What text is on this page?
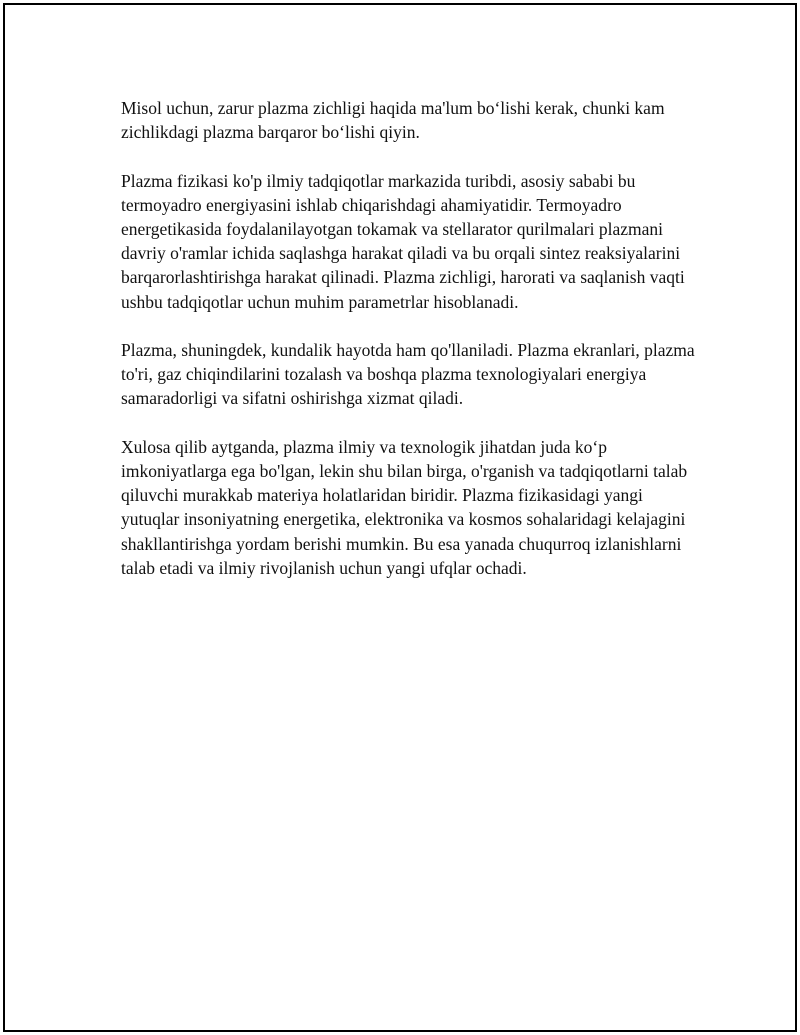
Misol uchun, zarur plazma zichligi haqida ma'lum bo‘lishi kerak, chunki kam zichlikdagi plazma barqaror bo‘lishi qiyin.

Plazma fizikasi ko'p ilmiy tadqiqotlar markazida turibdi, asosiy sababi bu termoyadro energiyasini ishlab chiqarishdagi ahamiyatidir. Termoyadro energetikasida foydalanilayotgan tokamak va stellarator qurilmalari plazmani davriy o'ramlar ichida saqlashga harakat qiladi va bu orqali sintez reaksiyalarini barqarorlashtirishga harakat qilinadi. Plazma zichligi, harorati va saqlanish vaqti ushbu tadqiqotlar uchun muhim parametrlar hisoblanadi.

Plazma, shuningdek, kundalik hayotda ham qo'llaniladi. Plazma ekranlari, plazma to'ri, gaz chiqindilarini tozalash va boshqa plazma texnologiyalari energiya samaradorligi va sifatni oshirishga xizmat qiladi.

Xulosa qilib aytganda, plazma ilmiy va texnologik jihatdan juda ko‘p imkoniyatlarga ega bo'lgan, lekin shu bilan birga, o'rganish va tadqiqotlarni talab qiluvchi murakkab materiya holatlaridan biridir. Plazma fizikasidagi yangi yutuqlar insoniyatning energetika, elektronika va kosmos sohalaridagi kelajagini shakllantirishga yordam berishi mumkin. Bu esa yanada chuqurroq izlanishlarni talab etadi va ilmiy rivojlanish uchun yangi ufqlar ochadi.
